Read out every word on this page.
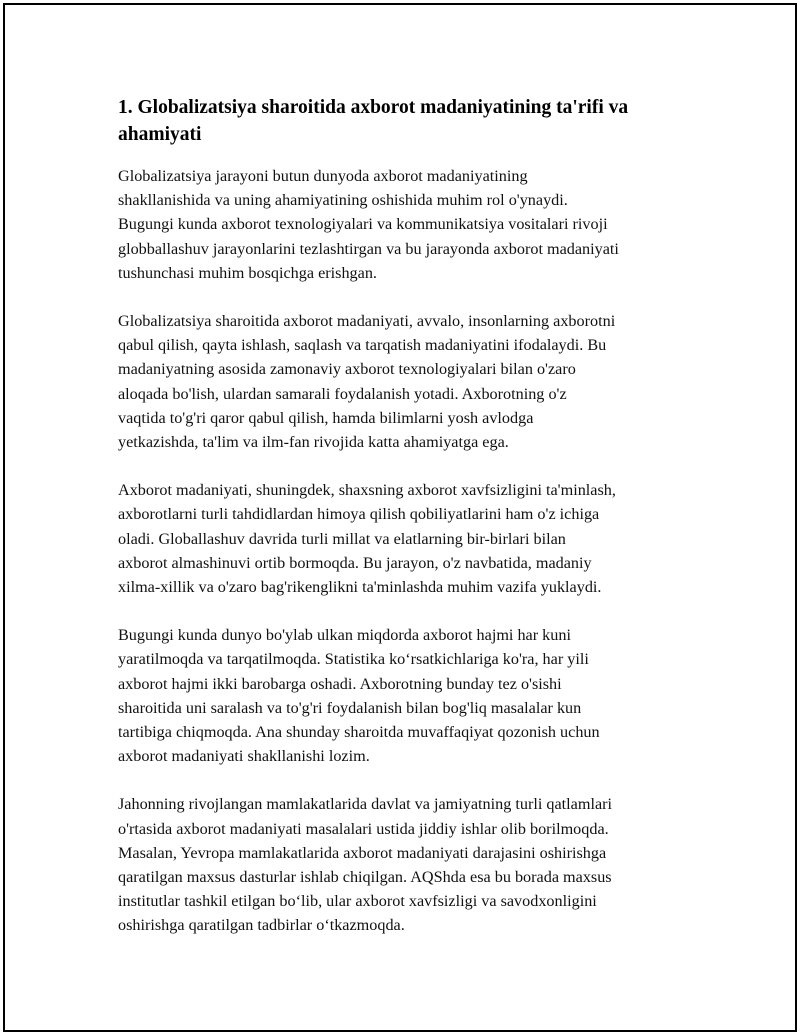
1. Globalizatsiya sharoitida axborot madaniyatining ta'rifi va ahamiyati

Globalizatsiya jarayoni butun dunyoda axborot madaniyatining
shakllanishida va uning ahamiyatining oshishida muhim rol o'ynaydi.
Bugungi kunda axborot texnologiyalari va kommunikatsiya vositalari rivoji
globballashuv jarayonlarini tezlashtirgan va bu jarayonda axborot madaniyati
tushunchasi muhim bosqichga erishgan.

Globalizatsiya sharoitida axborot madaniyati, avvalo, insonlarning axborotni
qabul qilish, qayta ishlash, saqlash va tarqatish madaniyatini ifodalaydi. Bu
madaniyatning asosida zamonaviy axborot texnologiyalari bilan o'zaro
aloqada bo'lish, ulardan samarali foydalanish yotadi. Axborotning o'z
vaqtida to'g'ri qaror qabul qilish, hamda bilimlarni yosh avlodga
yetkazishda, ta'lim va ilm-fan rivojida katta ahamiyatga ega.

Axborot madaniyati, shuningdek, shaxsning axborot xavfsizligini ta'minlash,
axborotlarni turli tahdidlardan himoya qilish qobiliyatlarini ham o'z ichiga
oladi. Globallashuv davrida turli millat va elatlarning bir-birlari bilan
axborot almashinuvi ortib bormoqda. Bu jarayon, o'z navbatida, madaniy
xilma-xillik va o'zaro bag'rikenglikni ta'minlashda muhim vazifa yuklaydi.

Bugungi kunda dunyo bo'ylab ulkan miqdorda axborot hajmi har kuni
yaratilmoqda va tarqatilmoqda. Statistika ko‘rsatkichlariga ko'ra, har yili
axborot hajmi ikki barobarga oshadi. Axborotning bunday tez o'sishi
sharoitida uni saralash va to'g'ri foydalanish bilan bog'liq masalalar kun
tartibiga chiqmoqda. Ana shunday sharoitda muvaffaqiyat qozonish uchun
axborot madaniyati shakllanishi lozim.

Jahonning rivojlangan mamlakatlarida davlat va jamiyatning turli qatlamlari
o'rtasida axborot madaniyati masalalari ustida jiddiy ishlar olib borilmoqda.
Masalan, Yevropa mamlakatlarida axborot madaniyati darajasini oshirishga
qaratilgan maxsus dasturlar ishlab chiqilgan. AQShda esa bu borada maxsus
institutlar tashkil etilgan bo‘lib, ular axborot xavfsizligi va savodxonligini
oshirishga qaratilgan tadbirlar o‘tkazmoqda.
